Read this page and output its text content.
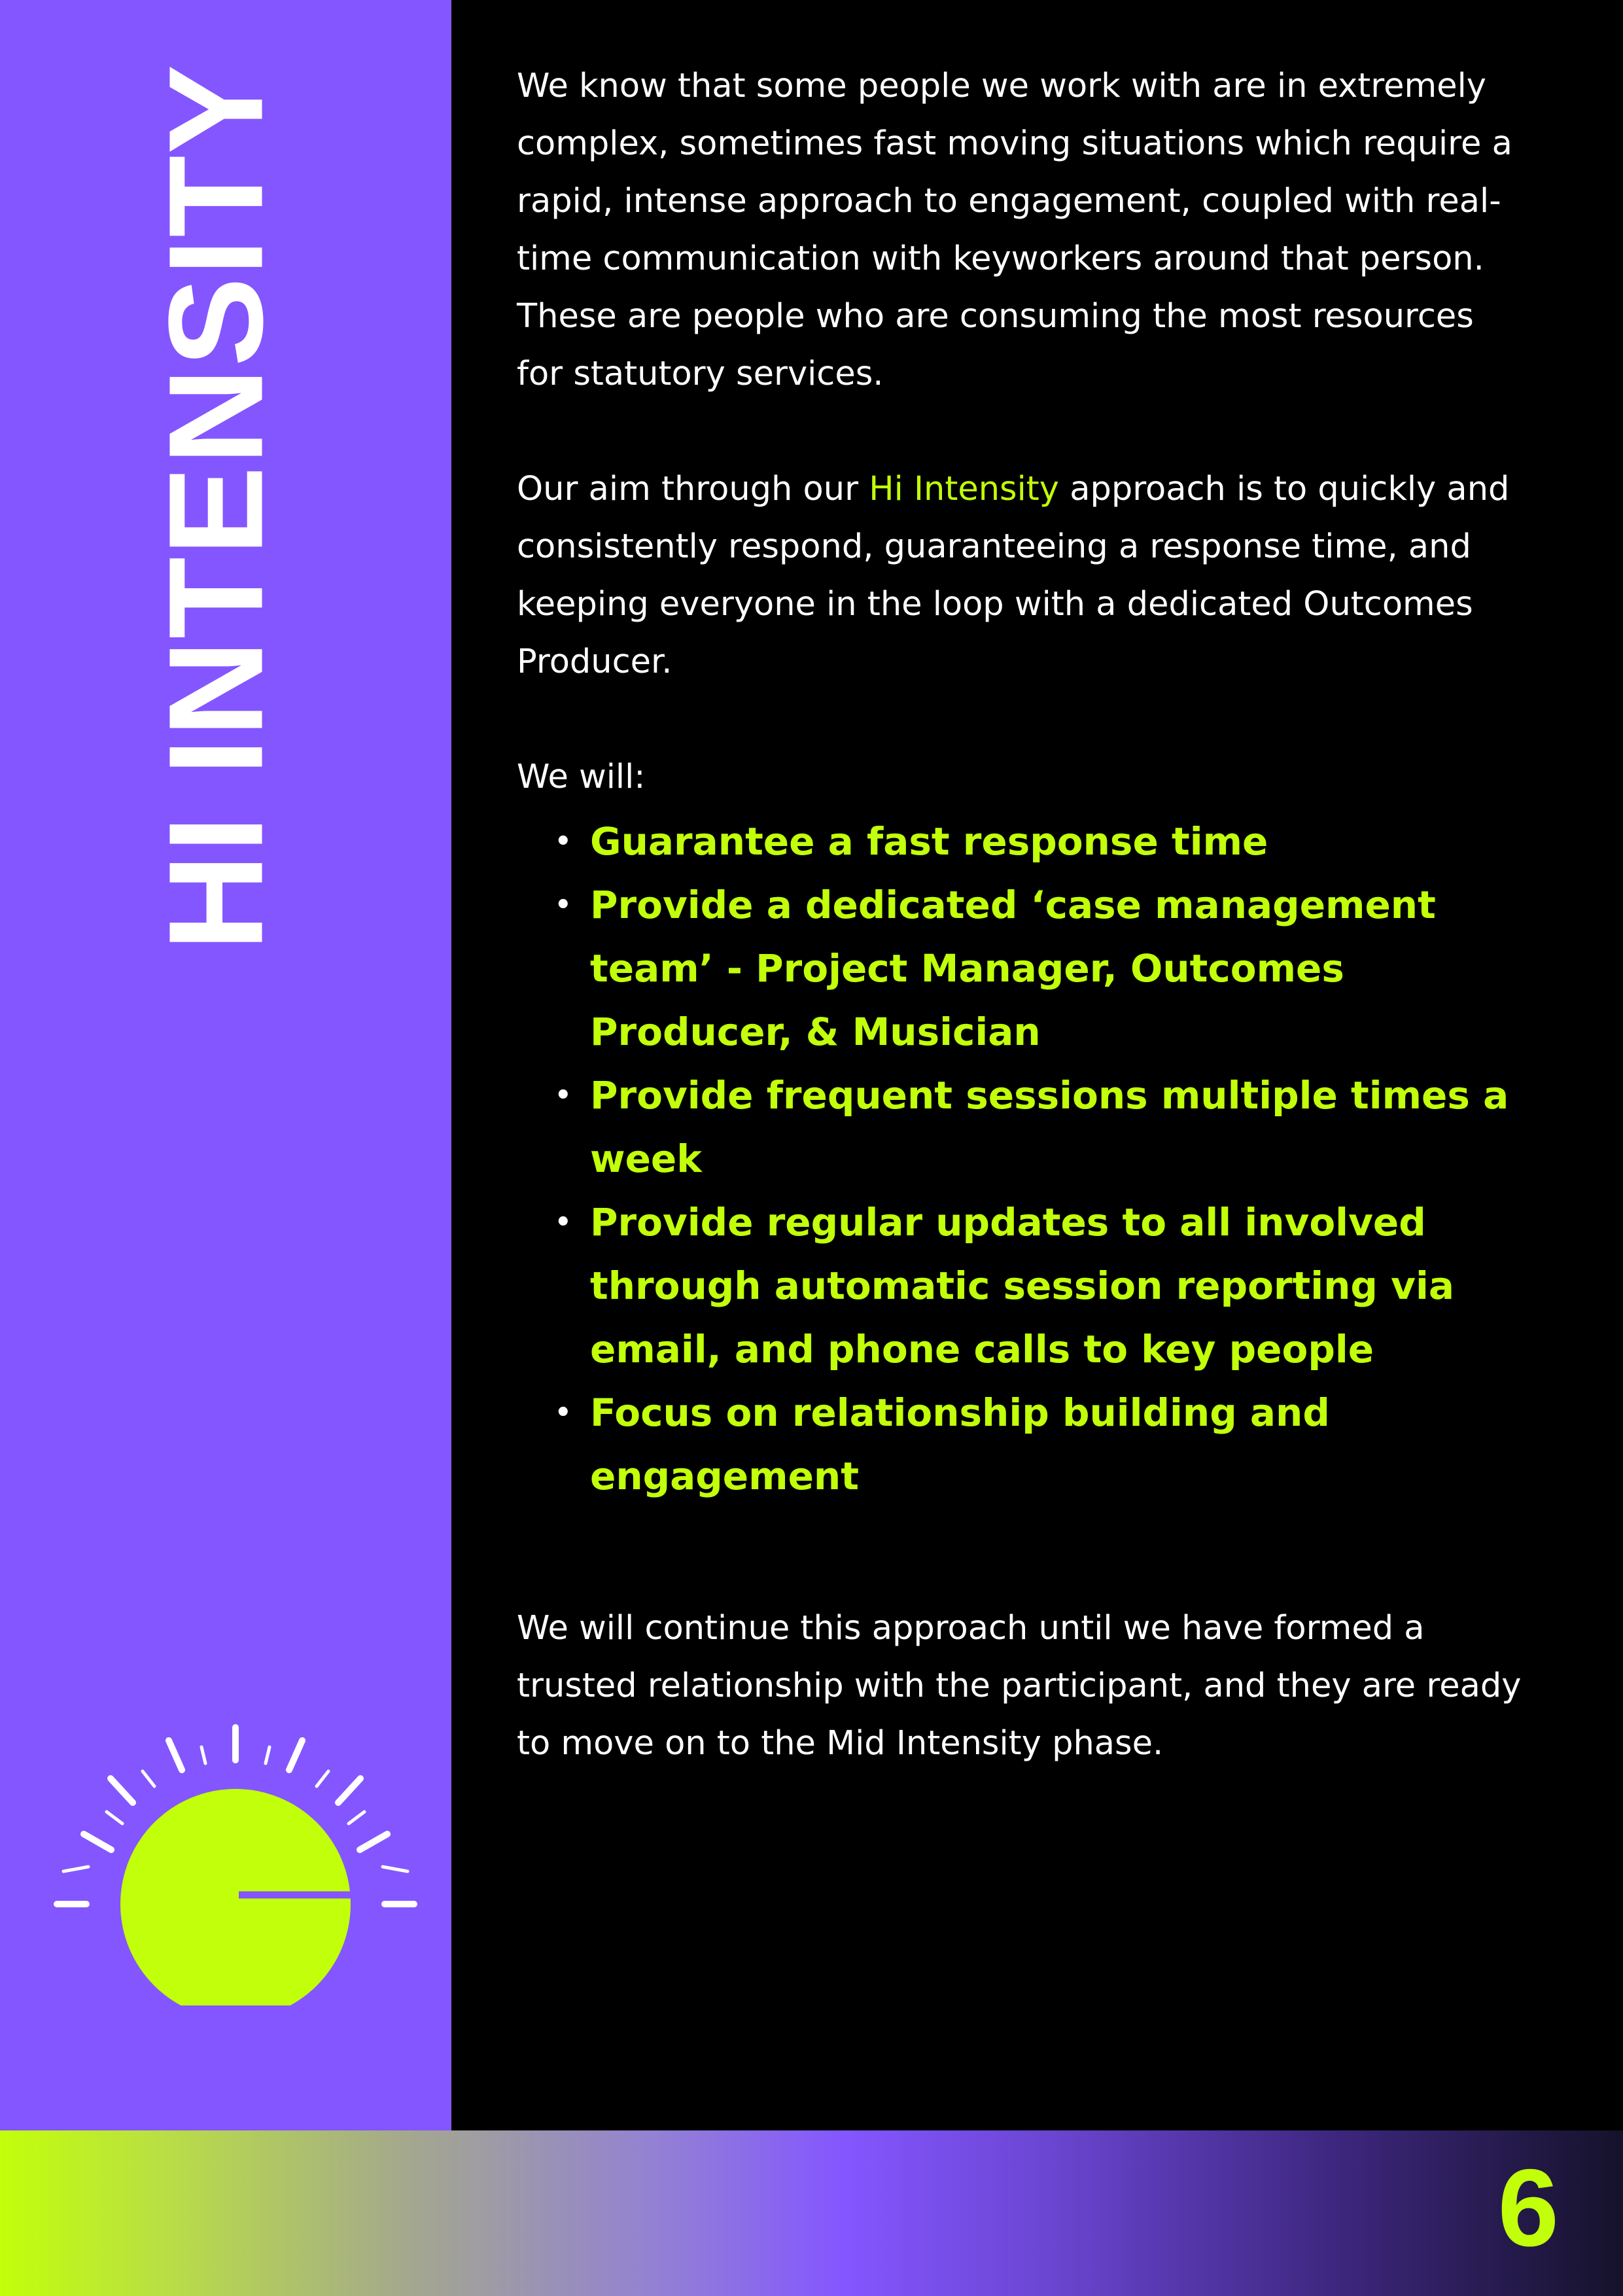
HI INTENSITY	We know that some people we work with are in extremely complex, sometimes fast moving situations which require a rapid, intense approach to engagement, coupled with real-time communication with keyworkers around that person. These are people who are consuming the most resources for statutory services.

Our aim through our Hi Intensity approach is to quickly and consistently respond, guaranteeing a response time, and keeping everyone in the loop with a dedicated Outcomes Producer.

We will:

• Guarantee a fast response time
• Provide a dedicated ‘case management team’ - Project Manager, Outcomes Producer, & Musician
• Provide frequent sessions multiple times a week
• Provide regular updates to all involved through automatic session reporting via email, and phone calls to key people
• Focus on relationship building and engagement

We will continue this approach until we have formed a trusted relationship with the participant, and they are ready to move on to the Mid Intensity phase.

6
